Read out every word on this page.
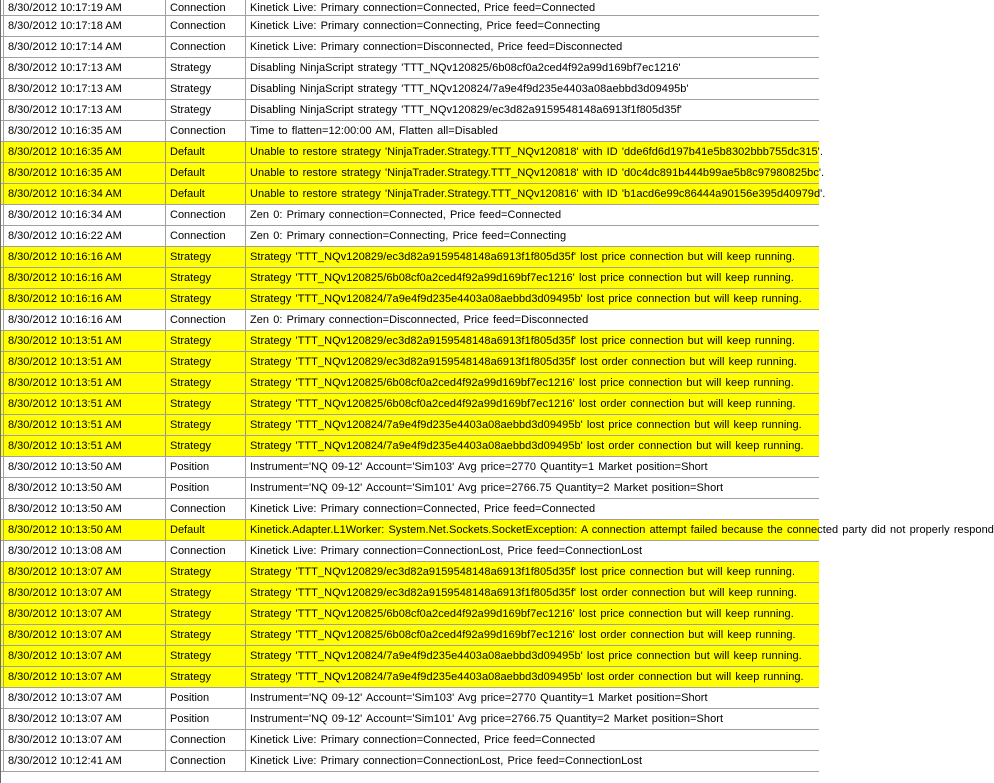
8/30/2012 10:17:19 AM	Connection	Kinetick Live: Primary connection=Connected, Price feed=Connected
8/30/2012 10:17:18 AM	Connection	Kinetick Live: Primary connection=Connecting, Price feed=Connecting
8/30/2012 10:17:14 AM	Connection	Kinetick Live: Primary connection=Disconnected, Price feed=Disconnected
8/30/2012 10:17:13 AM	Strategy	Disabling NinjaScript strategy 'TTT_NQv120825/6b08cf0a2ced4f92a99d169bf7ec1216'
8/30/2012 10:17:13 AM	Strategy	Disabling NinjaScript strategy 'TTT_NQv120824/7a9e4f9d235e4403a08aebbd3d09495b'
8/30/2012 10:17:13 AM	Strategy	Disabling NinjaScript strategy 'TTT_NQv120829/ec3d82a9159548148a6913f1f805d35f'
8/30/2012 10:16:35 AM	Connection	Time to flatten=12:00:00 AM, Flatten all=Disabled
8/30/2012 10:16:35 AM	Default	Unable to restore strategy 'NinjaTrader.Strategy.TTT_NQv120818' with ID 'dde6fd6d197b41e5b8302bbb755dc315'.
8/30/2012 10:16:35 AM	Default	Unable to restore strategy 'NinjaTrader.Strategy.TTT_NQv120818' with ID 'd0c4dc891b444b99ae5b8c97980825bc'.
8/30/2012 10:16:34 AM	Default	Unable to restore strategy 'NinjaTrader.Strategy.TTT_NQv120816' with ID 'b1acd6e99c86444a90156e395d40979d'.
8/30/2012 10:16:34 AM	Connection	Zen 0: Primary connection=Connected, Price feed=Connected
8/30/2012 10:16:22 AM	Connection	Zen 0: Primary connection=Connecting, Price feed=Connecting
8/30/2012 10:16:16 AM	Strategy	Strategy 'TTT_NQv120829/ec3d82a9159548148a6913f1f805d35f' lost price connection but will keep running.
8/30/2012 10:16:16 AM	Strategy	Strategy 'TTT_NQv120825/6b08cf0a2ced4f92a99d169bf7ec1216' lost price connection but will keep running.
8/30/2012 10:16:16 AM	Strategy	Strategy 'TTT_NQv120824/7a9e4f9d235e4403a08aebbd3d09495b' lost price connection but will keep running.
8/30/2012 10:16:16 AM	Connection	Zen 0: Primary connection=Disconnected, Price feed=Disconnected
8/30/2012 10:13:51 AM	Strategy	Strategy 'TTT_NQv120829/ec3d82a9159548148a6913f1f805d35f' lost price connection but will keep running.
8/30/2012 10:13:51 AM	Strategy	Strategy 'TTT_NQv120829/ec3d82a9159548148a6913f1f805d35f' lost order connection but will keep running.
8/30/2012 10:13:51 AM	Strategy	Strategy 'TTT_NQv120825/6b08cf0a2ced4f92a99d169bf7ec1216' lost price connection but will keep running.
8/30/2012 10:13:51 AM	Strategy	Strategy 'TTT_NQv120825/6b08cf0a2ced4f92a99d169bf7ec1216' lost order connection but will keep running.
8/30/2012 10:13:51 AM	Strategy	Strategy 'TTT_NQv120824/7a9e4f9d235e4403a08aebbd3d09495b' lost price connection but will keep running.
8/30/2012 10:13:51 AM	Strategy	Strategy 'TTT_NQv120824/7a9e4f9d235e4403a08aebbd3d09495b' lost order connection but will keep running.
8/30/2012 10:13:50 AM	Position	Instrument='NQ 09-12' Account='Sim103' Avg price=2770 Quantity=1 Market position=Short
8/30/2012 10:13:50 AM	Position	Instrument='NQ 09-12' Account='Sim101' Avg price=2766.75 Quantity=2 Market position=Short
8/30/2012 10:13:50 AM	Connection	Kinetick Live: Primary connection=Connected, Price feed=Connected
8/30/2012 10:13:50 AM	Default	Kinetick.Adapter.L1Worker: System.Net.Sockets.SocketException: A connection attempt failed because the connected party did not properly respond
8/30/2012 10:13:08 AM	Connection	Kinetick Live: Primary connection=ConnectionLost, Price feed=ConnectionLost
8/30/2012 10:13:07 AM	Strategy	Strategy 'TTT_NQv120829/ec3d82a9159548148a6913f1f805d35f' lost price connection but will keep running.
8/30/2012 10:13:07 AM	Strategy	Strategy 'TTT_NQv120829/ec3d82a9159548148a6913f1f805d35f' lost order connection but will keep running.
8/30/2012 10:13:07 AM	Strategy	Strategy 'TTT_NQv120825/6b08cf0a2ced4f92a99d169bf7ec1216' lost price connection but will keep running.
8/30/2012 10:13:07 AM	Strategy	Strategy 'TTT_NQv120825/6b08cf0a2ced4f92a99d169bf7ec1216' lost order connection but will keep running.
8/30/2012 10:13:07 AM	Strategy	Strategy 'TTT_NQv120824/7a9e4f9d235e4403a08aebbd3d09495b' lost price connection but will keep running.
8/30/2012 10:13:07 AM	Strategy	Strategy 'TTT_NQv120824/7a9e4f9d235e4403a08aebbd3d09495b' lost order connection but will keep running.
8/30/2012 10:13:07 AM	Position	Instrument='NQ 09-12' Account='Sim103' Avg price=2770 Quantity=1 Market position=Short
8/30/2012 10:13:07 AM	Position	Instrument='NQ 09-12' Account='Sim101' Avg price=2766.75 Quantity=2 Market position=Short
8/30/2012 10:13:07 AM	Connection	Kinetick Live: Primary connection=Connected, Price feed=Connected
8/30/2012 10:12:41 AM	Connection	Kinetick Live: Primary connection=ConnectionLost, Price feed=ConnectionLost
